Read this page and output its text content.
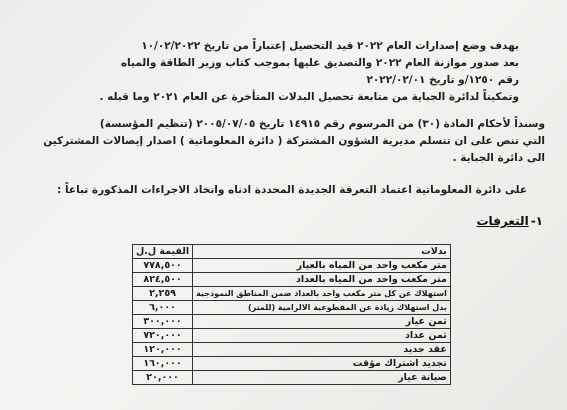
بهدف وضع إصدارات العام ٢٠٢٢ قيد التحصيل إعتباراً من تاريخ ١٠/٠٢/٢٠٢٢
بعد صدور موازنة العام ٢٠٢٢ والتصديق عليها بموجب كتاب وزير الطاقة والمياه
رقم ١٢٥٠/و تاريخ ٢٠٢٢/٠٢/٠١
وتمكيناً لدائرة الجباية من متابعة تحصيل البدلات المتأخرة عن العام ٢٠٢١ وما قبله .
وسنداً لأحكام المادة (٣٠) من المرسوم رقم ١٤٩١٥ تاريخ ٢٠٠٥/٠٧/٠٥ (تنظيم المؤسسة)
التي تنص على ان تتسلم مديرية الشؤون المشتركة ( دائرة المعلوماتية ) اصدار إيصالات المشتركين
الى دائرة الجباية .
على دائرة المعلوماتية اعتماد التعرفة الجديدة المحددة ادناه واتخاذ الاجراءات المذكورة تباعاً :
١-التعرفات
بدلات	القيمة ل.ل
متر مكعب واحد من المياه بالعيار	٧٧٨,٥٠٠
متر مكعب واحد من المياه بالعداد	٨٢٤,٥٠٠
استهلاك عن كل متر مكعب واحد بالعداد ضمن المناطق النموذجية	٢,٢٥٩
بدل استهلاك زيادة عن المقطوعية الالزامية (للمتر)	٦,٠٠٠
ثمن عيار	٣٠٠,٠٠٠
ثمن عداد	٧٢٠,٠٠٠
عقد جديد	١٢٠,٠٠٠
تجديد اشتراك مؤقت	١٦٠,٠٠٠
صيانة عيار	٢٠,٠٠٠
